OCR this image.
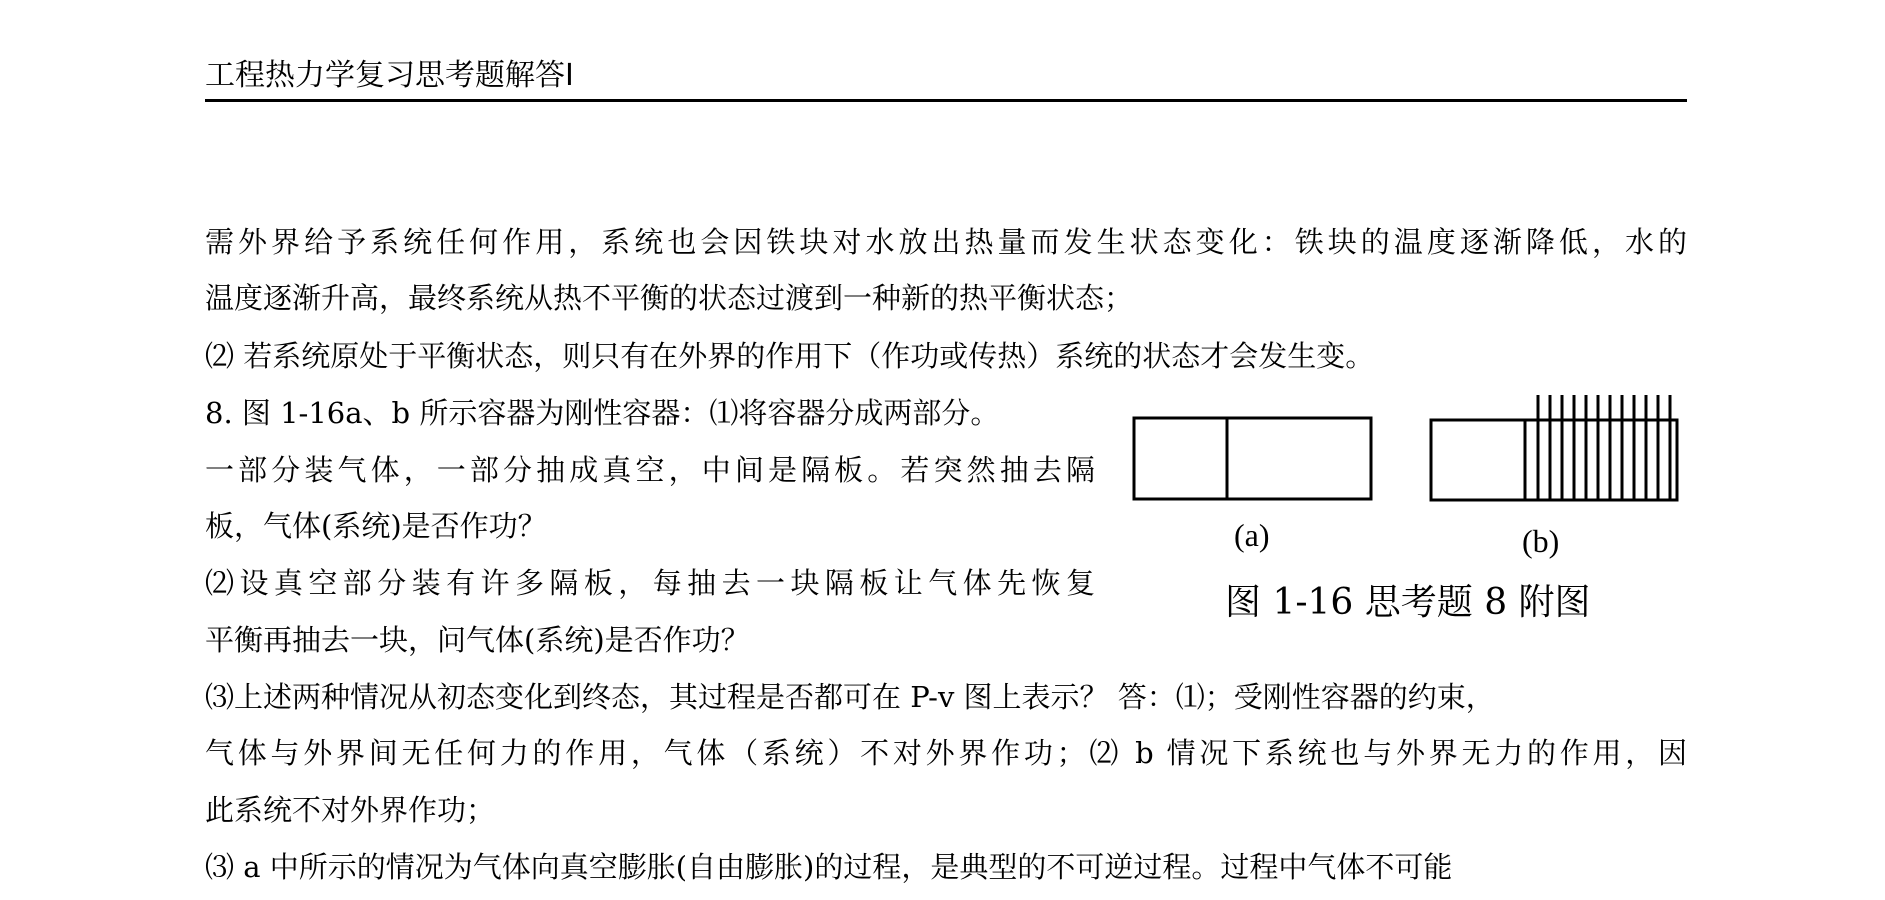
工程热力学复习思考题解答Ⅰ
需外界给予系统任何作用，系统也会因铁块对水放出热量而发生状态变化：铁块的温度逐渐降低，水的
温度逐渐升高，最终系统从热不平衡的状态过渡到一种新的热平衡状态；
⑵ 若系统原处于平衡状态，则只有在外界的作用下（作功或传热）系统的状态才会发生变。
8. 图 1-16a、b 所示容器为刚性容器：⑴将容器分成两部分。
一部分装气体，一部分抽成真空，中间是隔板。若突然抽去隔
板，气体(系统)是否作功？
⑵设真空部分装有许多隔板，每抽去一块隔板让气体先恢复
平衡再抽去一块，问气体(系统)是否作功？
⑶上述两种情况从初态变化到终态，其过程是否都可在 P-v 图上表示？ 答：⑴；受刚性容器的约束，
气体与外界间无任何力的作用，气体（系统）不对外界作功；⑵ b 情况下系统也与外界无力的作用，因
此系统不对外界作功；
⑶ a 中所示的情况为气体向真空膨胀(自由膨胀)的过程，是典型的不可逆过程。过程中气体不可能
(a)	(b)
图 1-16 思考题 8 附图
